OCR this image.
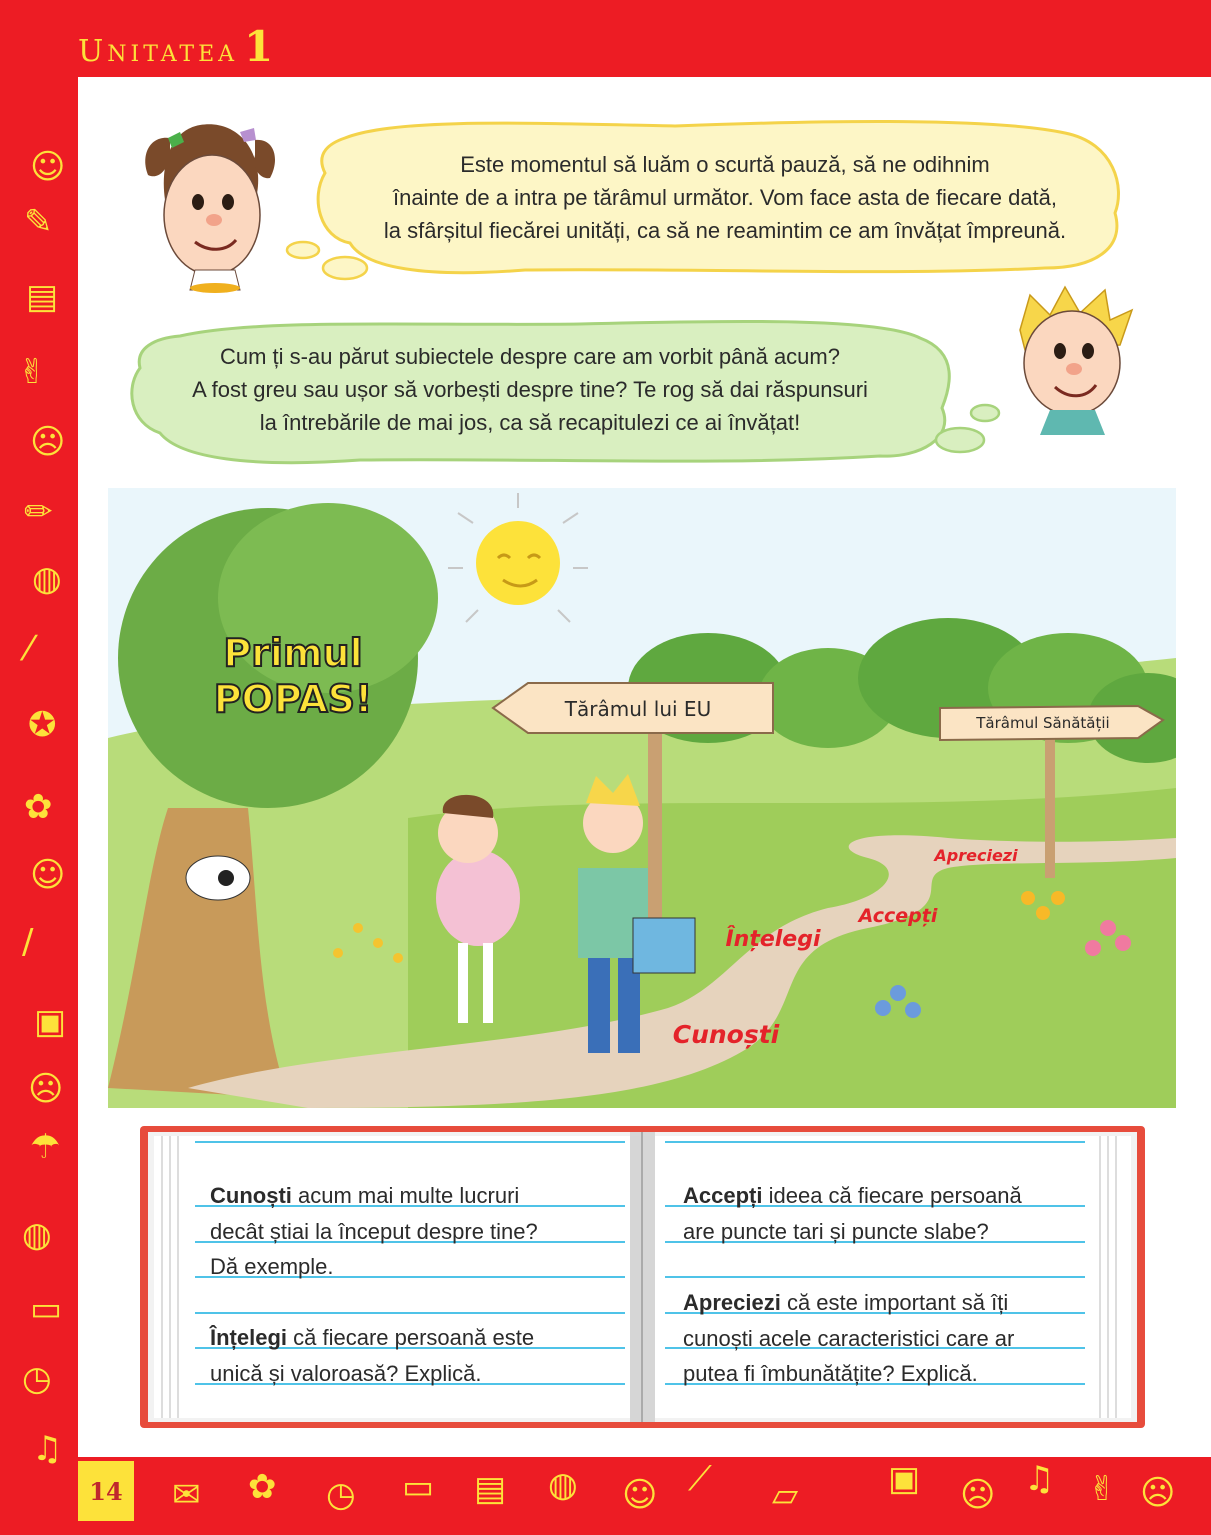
UNITATEA 1
☺
✎
▤
✌
☹
✏
◍
⁄
✪
✿
☺
/
▣
☹
☂
◍
▭
◷
♫
✉ ✿ ◷ ▭ ▤ ◍ ☺ ⟋ ▱	▣ ☹ ♫ ✌ ☹
14
Este momentul să luăm o scurtă pauză, să ne odihnim
înainte de a intra pe tărâmul următor. Vom face asta de fiecare dată,
la sfârșitul fiecărei unități, ca să ne reamintim ce am învățat împreună.
Cum ți s-au părut subiectele despre care am vorbit până acum?
A fost greu sau ușor să vorbești despre tine? Te rog să dai răspunsuri
la întrebările de mai jos, ca să recapitulezi ce ai învățat!
Primul
POPAS!	Tărâmul lui EU
Tărâmul Sănătății
Cunoști
Înțelegi
Accepți
Apreciezi
Cunoști acum mai multe lucruri
decât știai la început despre tine?
Dă exemple.
Înțelegi că fiecare persoană este
unică și valoroasă? Explică.
Accepți ideea că fiecare persoană
are puncte tari și puncte slabe?
Apreciezi că este important să îți
cunoști acele caracteristici care ar
putea fi îmbunătățite? Explică.
